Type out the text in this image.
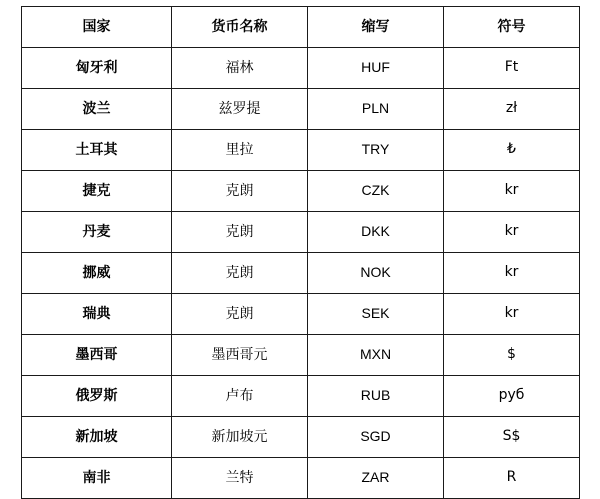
国家	货币名称	缩写	符号
匈牙利	福林	HUF	Ft
波兰	兹罗提	PLN	zł
土耳其	里拉	TRY	₺
捷克	克朗	CZK	kr
丹麦	克朗	DKK	kr
挪威	克朗	NOK	kr
瑞典	克朗	SEK	kr
墨西哥	墨西哥元	MXN	$
俄罗斯	卢布	RUB	руб
新加坡	新加坡元	SGD	S$
南非	兰特	ZAR	R
